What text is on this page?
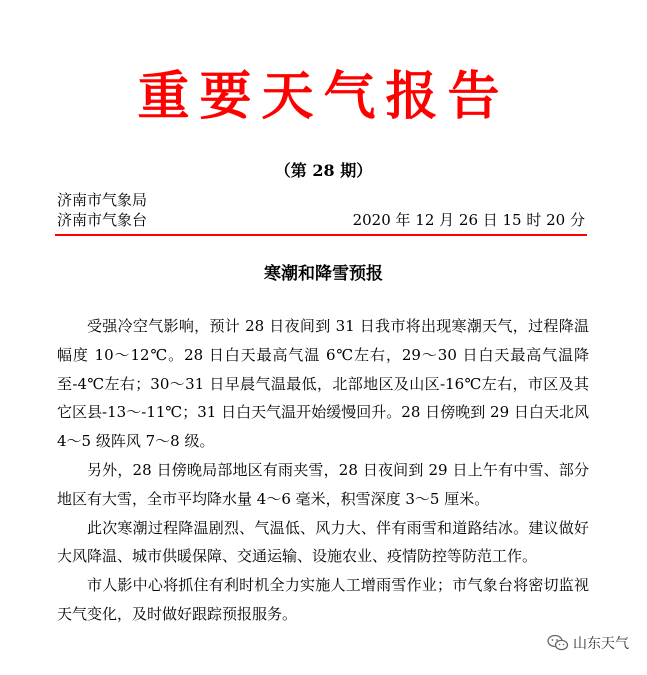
重要天气报告
（第 28 期）
济南市气象局
济南市气象台	2020 年 12 月 26 日 15 时 20 分
寒潮和降雪预报

受强冷空气影响，预计 28 日夜间到 31 日我市将出现寒潮天气，过程降温幅度 10～12℃。28 日白天最高气温 6℃左右，29～30 日白天最高气温降至-4℃左右；30～31 日早晨气温最低，北部地区及山区-16℃左右，市区及其它区县-13～-11℃；31 日白天气温开始缓慢回升。28 日傍晚到 29 日白天北风 4～5 级阵风 7～8 级。

另外，28 日傍晚局部地区有雨夹雪，28 日夜间到 29 日上午有中雪、部分地区有大雪，全市平均降水量 4～6 毫米，积雪深度 3～5 厘米。

此次寒潮过程降温剧烈、气温低、风力大、伴有雨雪和道路结冰。建议做好大风降温、城市供暖保障、交通运输、设施农业、疫情防控等防范工作。

市人影中心将抓住有利时机全力实施人工增雨雪作业；市气象台将密切监视天气变化，及时做好跟踪预报服务。

山东天气
